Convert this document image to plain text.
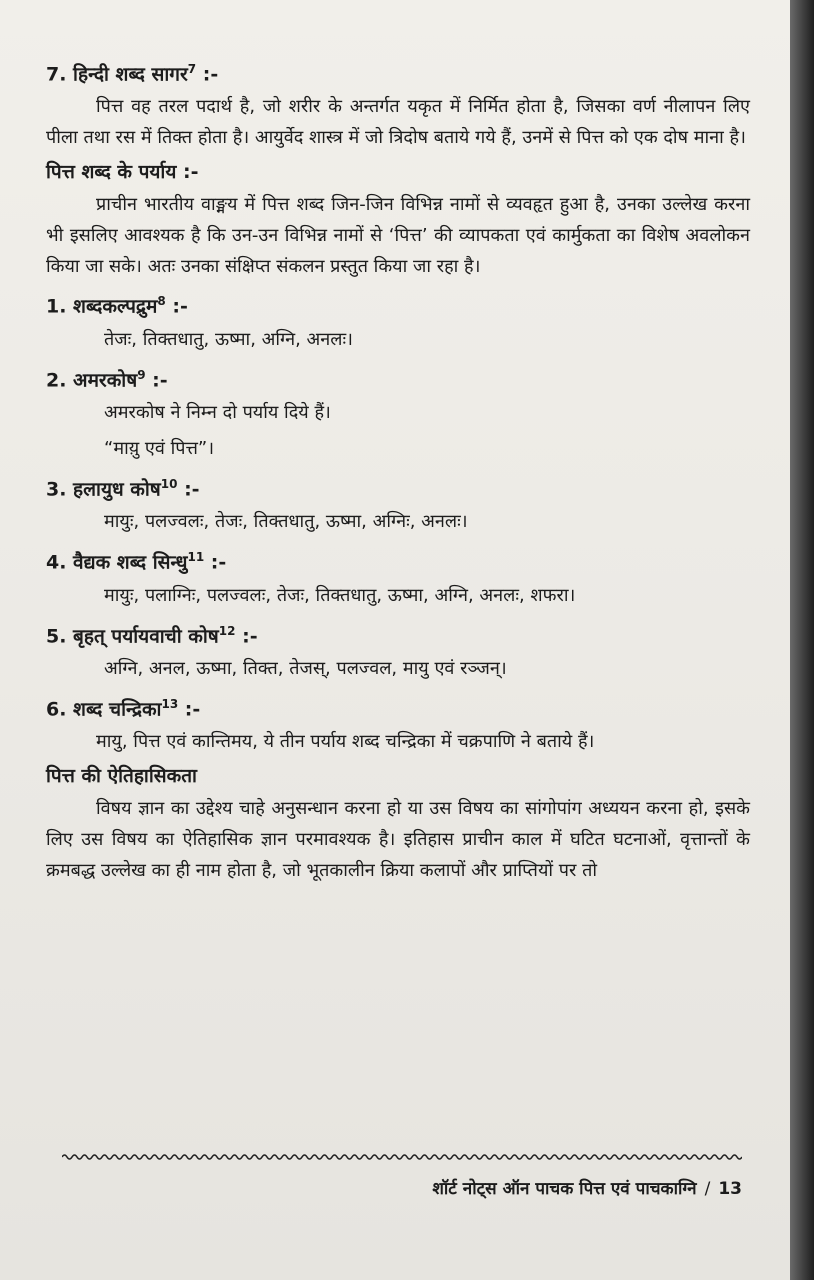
7. हिन्दी शब्द सागर$^7$ :-

पित्त वह तरल पदार्थ है, जो शरीर के अन्तर्गत यकृत में निर्मित होता है, जिसका वर्ण नीलापन लिए पीला तथा रस में तिक्त होता है। आयुर्वेद शास्त्र में जो त्रिदोष बताये गये हैं, उनमें से पित्त को एक दोष माना है।

पित्त शब्द के पर्याय :-

प्राचीन भारतीय वाङ्मय में पित्त शब्द जिन-जिन विभिन्न नामों से व्यवहृत हुआ है, उनका उल्लेख करना भी इसलिए आवश्यक है कि उन-उन विभिन्न नामों से ‘पित्त’ की व्यापकता एवं कार्मुकता का विशेष अवलोकन किया जा सके। अतः उनका संक्षिप्त संकलन प्रस्तुत किया जा रहा है।

1. शब्दकल्पद्रुम$^8$ :-

तेजः, तिक्तधातु, ऊष्मा, अग्नि, अनलः।

2. अमरकोष$^9$ :-

अमरकोष ने निम्न दो पर्याय दिये हैं।

“माय़ु एवं पित्त”।

3. हलायुध कोष$^{10}$ :-

मायुः, पलज्वलः, तेजः, तिक्तधातु, ऊष्मा, अग्निः, अनलः।

4. वैद्यक शब्द सिन्धु$^{11}$ :-

मायुः, पलाग्निः, पलज्वलः, तेजः, तिक्तधातु, ऊष्मा, अग्नि, अनलः, शफरा।

5. बृहत् पर्यायवाची कोष$^{12}$ :-

अग्नि, अनल, ऊष्मा, तिक्त, तेजस्, पलज्वल, मायु एवं रञ्जन्।

6. शब्द चन्द्रिका$^{13}$ :-

मायु, पित्त एवं कान्तिमय, ये तीन पर्याय शब्द चन्द्रिका में चक्रपाणि ने बताये हैं।

पित्त की ऐतिहासिकता

विषय ज्ञान का उद्देश्य चाहे अनुसन्धान करना हो या उस विषय का सांगोपांग अध्ययन करना हो, इसके लिए उस विषय का ऐतिहासिक ज्ञान परमावश्यक है। इतिहास प्राचीन काल में घटित घटनाओं, वृत्तान्तों के क्रमबद्ध उल्लेख का ही नाम होता है, जो भूतकालीन क्रिया कलापों और प्राप्तियों पर तो

शॉर्ट नोट्स ऑन पाचक पित्त एवं पाचकाग्नि / 13
